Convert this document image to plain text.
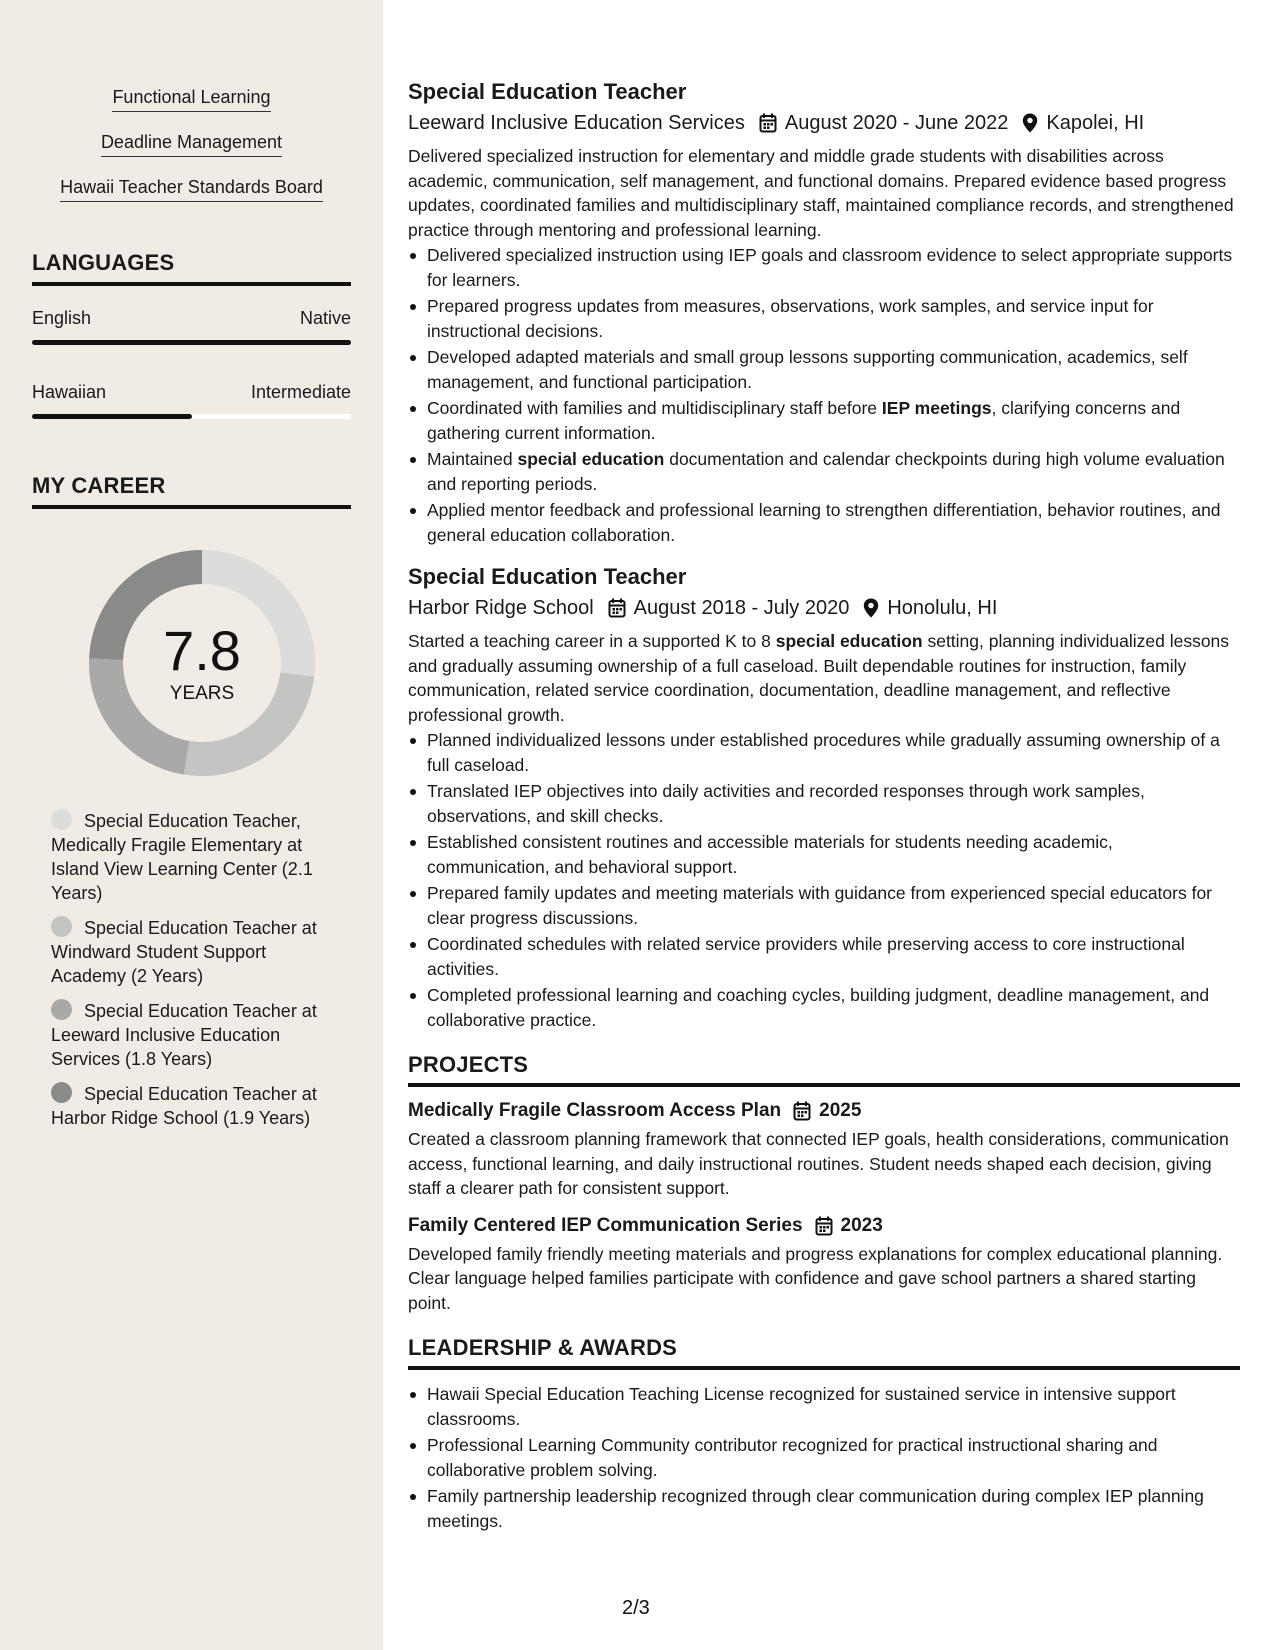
Functional Learning
Deadline Management
Hawaii Teacher Standards Board
LANGUAGES
English	Native
Hawaiian	Intermediate
MY CAREER
7.8
YEARS
Special Education Teacher, Medically Fragile Elementary at Island View Learning Center (2.1 Years)
Special Education Teacher at Windward Student Support Academy (2 Years)
Special Education Teacher at Leeward Inclusive Education Services (1.8 Years)
Special Education Teacher at Harbor Ridge School (1.9 Years)
Special Education Teacher
Leeward Inclusive Education Services August 2020 - June 2022 Kapolei, HI
Delivered specialized instruction for elementary and middle grade students with disabilities across academic, communication, self management, and functional domains. Prepared evidence based progress updates, coordinated families and multidisciplinary staff, maintained compliance records, and strengthened practice through mentoring and professional learning.
Delivered specialized instruction using IEP goals and classroom evidence to select appropriate supports for learners.
Prepared progress updates from measures, observations, work samples, and service input for instructional decisions.
Developed adapted materials and small group lessons supporting communication, academics, self management, and functional participation.
Coordinated with families and multidisciplinary staff before IEP meetings, clarifying concerns and gathering current information.
Maintained special education documentation and calendar checkpoints during high volume evaluation and reporting periods.
Applied mentor feedback and professional learning to strengthen differentiation, behavior routines, and general education collaboration.
Special Education Teacher
Harbor Ridge School August 2018 - July 2020 Honolulu, HI
Started a teaching career in a supported K to 8 special education setting, planning individualized lessons and gradually assuming ownership of a full caseload. Built dependable routines for instruction, family communication, related service coordination, documentation, deadline management, and reflective professional growth.
Planned individualized lessons under established procedures while gradually assuming ownership of a full caseload.
Translated IEP objectives into daily activities and recorded responses through work samples, observations, and skill checks.
Established consistent routines and accessible materials for students needing academic, communication, and behavioral support.
Prepared family updates and meeting materials with guidance from experienced special educators for clear progress discussions.
Coordinated schedules with related service providers while preserving access to core instructional activities.
Completed professional learning and coaching cycles, building judgment, deadline management, and collaborative practice.
PROJECTS
Medically Fragile Classroom Access Plan 2025
Created a classroom planning framework that connected IEP goals, health considerations, communication access, functional learning, and daily instructional routines. Student needs shaped each decision, giving staff a clearer path for consistent support.
Family Centered IEP Communication Series 2023
Developed family friendly meeting materials and progress explanations for complex educational planning. Clear language helped families participate with confidence and gave school partners a shared starting point.
LEADERSHIP & AWARDS
Hawaii Special Education Teaching License recognized for sustained service in intensive support classrooms.
Professional Learning Community contributor recognized for practical instructional sharing and collaborative problem solving.
Family partnership leadership recognized through clear communication during complex IEP planning meetings.
2/3
